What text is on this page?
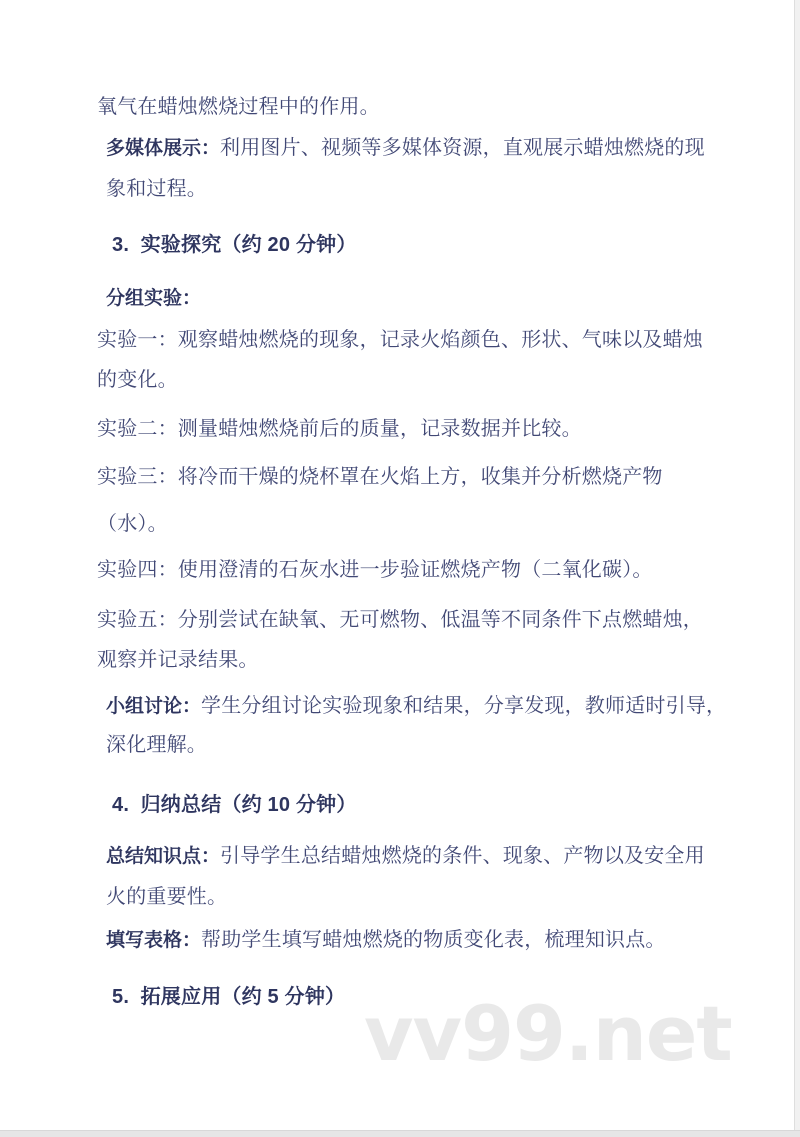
氧气在蜡烛燃烧过程中的作用。
多媒体展示：利用图片、视频等多媒体资源，直观展示蜡烛燃烧的现
象和过程。
3.  实验探究（约 20 分钟）
分组实验：
实验一：观察蜡烛燃烧的现象，记录火焰颜色、形状、气味以及蜡烛
的变化。
实验二：测量蜡烛燃烧前后的质量，记录数据并比较。
实验三：将冷而干燥的烧杯罩在火焰上方，收集并分析燃烧产物
（水）。
实验四：使用澄清的石灰水进一步验证燃烧产物（二氧化碳）。
实验五：分别尝试在缺氧、无可燃物、低温等不同条件下点燃蜡烛，
观察并记录结果。
小组讨论：学生分组讨论实验现象和结果，分享发现，教师适时引导，
深化理解。
4.  归纳总结（约 10 分钟）
总结知识点：引导学生总结蜡烛燃烧的条件、现象、产物以及安全用
火的重要性。
填写表格：帮助学生填写蜡烛燃烧的物质变化表，梳理知识点。
5.  拓展应用（约 5 分钟） vv99.net
